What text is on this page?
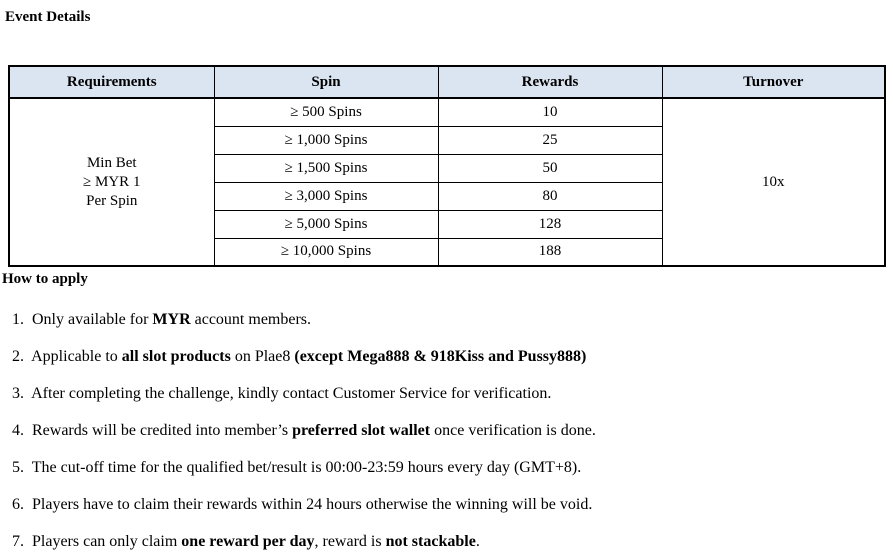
Event Details
Requirements	Spin	Rewards	Turnover

Min Bet
≥ MYR 1
Per Spin	≥ 500 Spins	10	10x
	≥ 1,000 Spins	25	
	≥ 1,500 Spins	50	
	≥ 3,000 Spins	80	
	≥ 5,000 Spins	128	
	≥ 10,000 Spins	188	
How to apply
1. Only available for MYR account members.
2. Applicable to all slot products on Plae8 (except Mega888 & 918Kiss and Pussy888)
3. After completing the challenge, kindly contact Customer Service for verification.
4. Rewards will be credited into member’s preferred slot wallet once verification is done.
5. The cut-off time for the qualified bet/result is 00:00-23:59 hours every day (GMT+8).
6. Players have to claim their rewards within 24 hours otherwise the winning will be void.
7. Players can only claim one reward per day, reward is not stackable.
